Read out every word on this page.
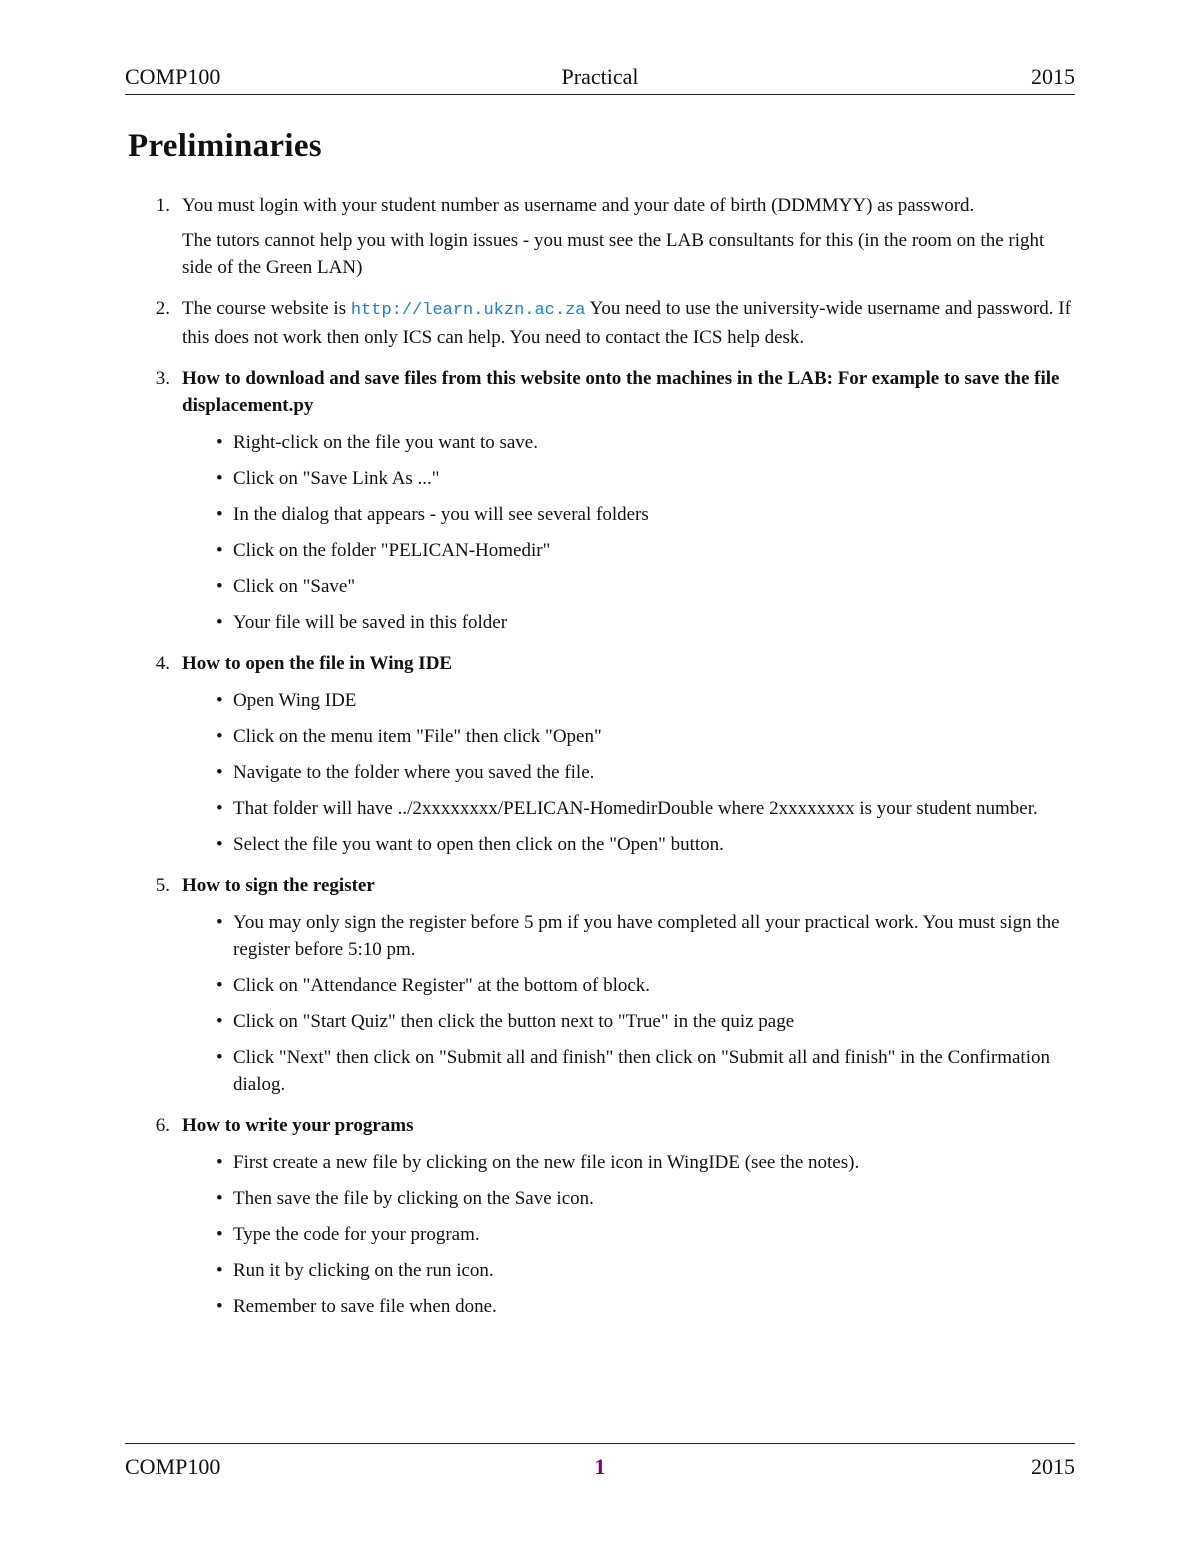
COMP100	Practical	2015
Preliminaries
1. You must login with your student number as username and your date of birth (DDMMYY) as password.

The tutors cannot help you with login issues - you must see the LAB consultants for this (in the room on the right side of the Green LAN)

2. The course website is http://learn.ukzn.ac.za You need to use the university-wide username and password. If this does not work then only ICS can help. You need to contact the ICS help desk.

3. How to download and save files from this website onto the machines in the LAB: For example to save the file displacement.py

• Right-click on the file you want to save.
• Click on "Save Link As ..."
• In the dialog that appears - you will see several folders
• Click on the folder "PELICAN-Homedir"
• Click on "Save"
• Your file will be saved in this folder
4. How to open the file in Wing IDE

• Open Wing IDE
• Click on the menu item "File" then click "Open"
• Navigate to the folder where you saved the file.
• That folder will have ../2xxxxxxxx/PELICAN-HomedirDouble where 2xxxxxxxx is your student number.
• Select the file you want to open then click on the "Open" button.
5. How to sign the register

• You may only sign the register before 5 pm if you have completed all your practical work. You must sign the register before 5:10 pm.
• Click on "Attendance Register" at the bottom of block.
• Click on "Start Quiz" then click the button next to "True" in the quiz page
• Click "Next" then click on "Submit all and finish" then click on "Submit all and finish" in the Confirmation dialog.
6. How to write your programs

• First create a new file by clicking on the new file icon in WingIDE (see the notes).
• Then save the file by clicking on the Save icon.
• Type the code for your program.
• Run it by clicking on the run icon.
• Remember to save file when done.
COMP100	1	2015
